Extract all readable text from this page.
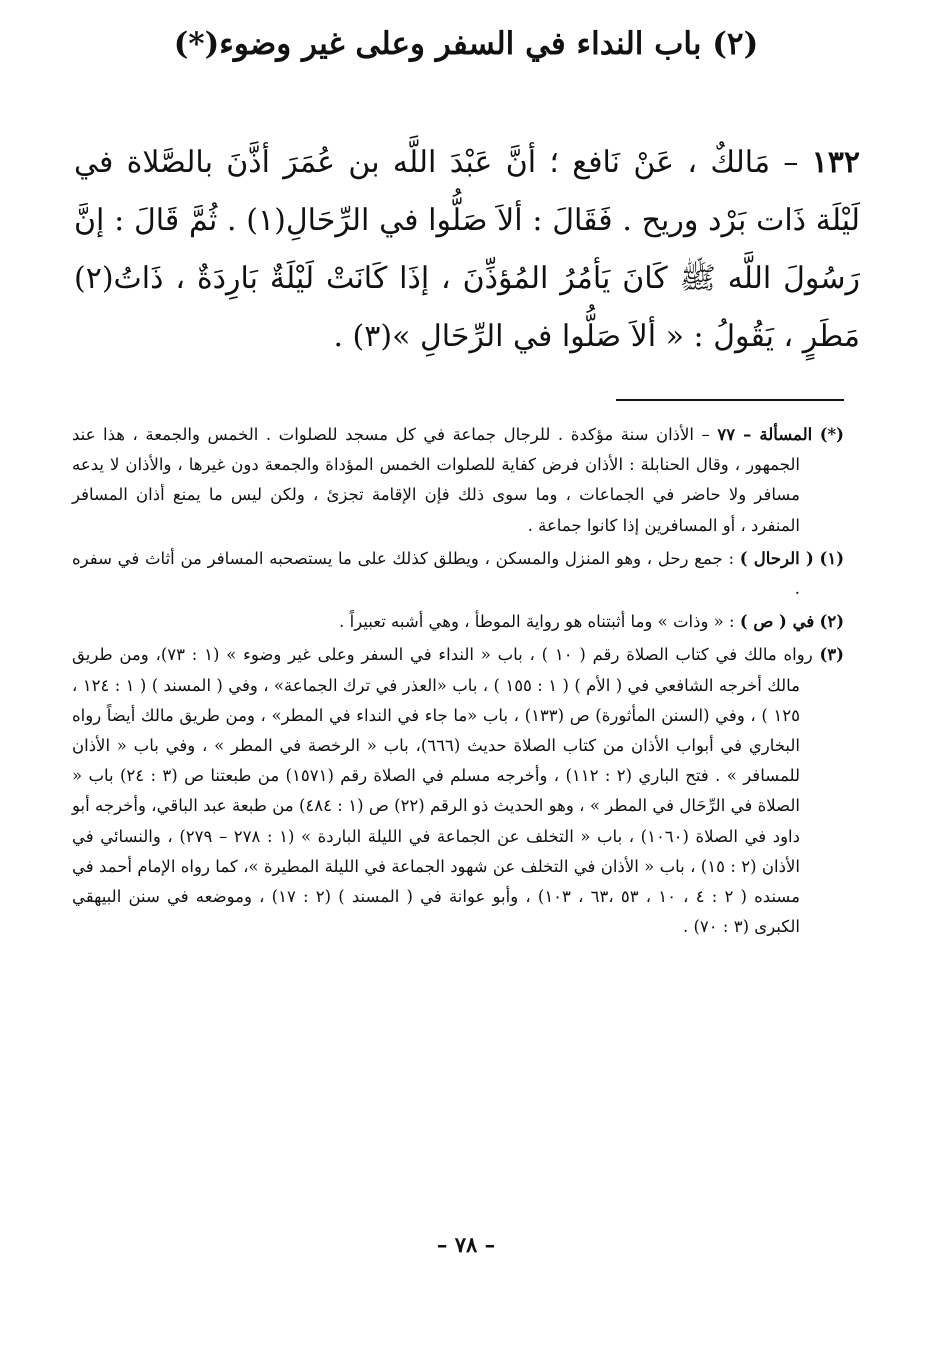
(٢) باب النداء في السفر وعلى غير وضوء(*)

١٣٢ – مَالكٌ ، عَنْ نَافع ؛ أنَّ عَبْدَ اللَّه بن عُمَرَ أذَّنَ بالصَّلاة في لَيْلَة ذَات بَرْد وريح . فَقَالَ : ألاَ صَلُّوا في الرِّحَالِ(١) . ثُمَّ قَالَ : إنَّ رَسُولَ اللَّه ﷺ كَانَ يَأمُرُ المُؤذِّنَ ، إذَا كَانَتْ لَيْلَةٌ بَارِدَةٌ ، ذَاتُ(٢) مَطَرٍ ، يَقُولُ : « ألاَ صَلُّوا في الرِّحَالِ »(٣) .

(*) المسألة – ٧٧ – الأذان سنة مؤكدة . للرجال جماعة في كل مسجد للصلوات . الخمس والجمعة ، هذا عند الجمهور ، وقال الحنابلة : الأذان فرض كفاية للصلوات الخمس المؤداة والجمعة دون غيرها ، والأذان لا يدعه مسافر ولا حاضر في الجماعات ، وما سوى ذلك فإن الإقامة تجزئ ، ولكن ليس ما يمنع أذان المسافر المنفرد ، أو المسافرين إذا كانوا جماعة .

(١) ( الرحال ) : جمع رحل ، وهو المنزل والمسكن ، ويطلق كذلك على ما يستصحبه المسافر من أثاث في سفره .

(٢) في ( ص ) : « وذات » وما أثبتناه هو رواية الموطأ ، وهي أشبه تعبيراً .

(٣) رواه مالك في كتاب الصلاة رقم ( ١٠ ) ، باب « النداء في السفر وعلى غير وضوء » (١ : ٧٣)، ومن طريق مالك أخرجه الشافعي في ( الأم ) ( ١ : ١٥٥ ) ، باب «العذر في ترك الجماعة» ، وفي ( المسند ) ( ١ : ١٢٤ ، ١٢٥ ) ، وفي (السنن المأثورة) ص (١٣٣) ، باب «ما جاء في النداء في المطر» ، ومن طريق مالك أيضاً رواه البخاري في أبواب الأذان من كتاب الصلاة حديث (٦٦٦)، باب « الرخصة في المطر » ، وفي باب « الأذان للمسافر » . فتح الباري (٢ : ١١٢) ، وأخرجه مسلم في الصلاة رقم (١٥٧١) من طبعتنا ص (٣ : ٢٤) باب « الصلاة في الرِّحَال في المطر » ، وهو الحديث ذو الرقم (٢٢) ص (١ : ٤٨٤) من طبعة عبد الباقي، وأخرجه أبو داود في الصلاة (١٠٦٠) ، باب « التخلف عن الجماعة في الليلة الباردة » (١ : ٢٧٨ – ٢٧٩) ، والنسائي في الأذان (٢ : ١٥) ، باب « الأذان في التخلف عن شهود الجماعة في الليلة المطيرة »، كما رواه الإمام أحمد في مسنده ( ٢ : ٤ ، ١٠ ، ٥٣ ،٦٣ ، ١٠٣) ، وأبو عوانة في ( المسند ) (٢ : ١٧) ، وموضعه في سنن البيهقي الكبرى (٣ : ٧٠) .

– ٧٨ –
